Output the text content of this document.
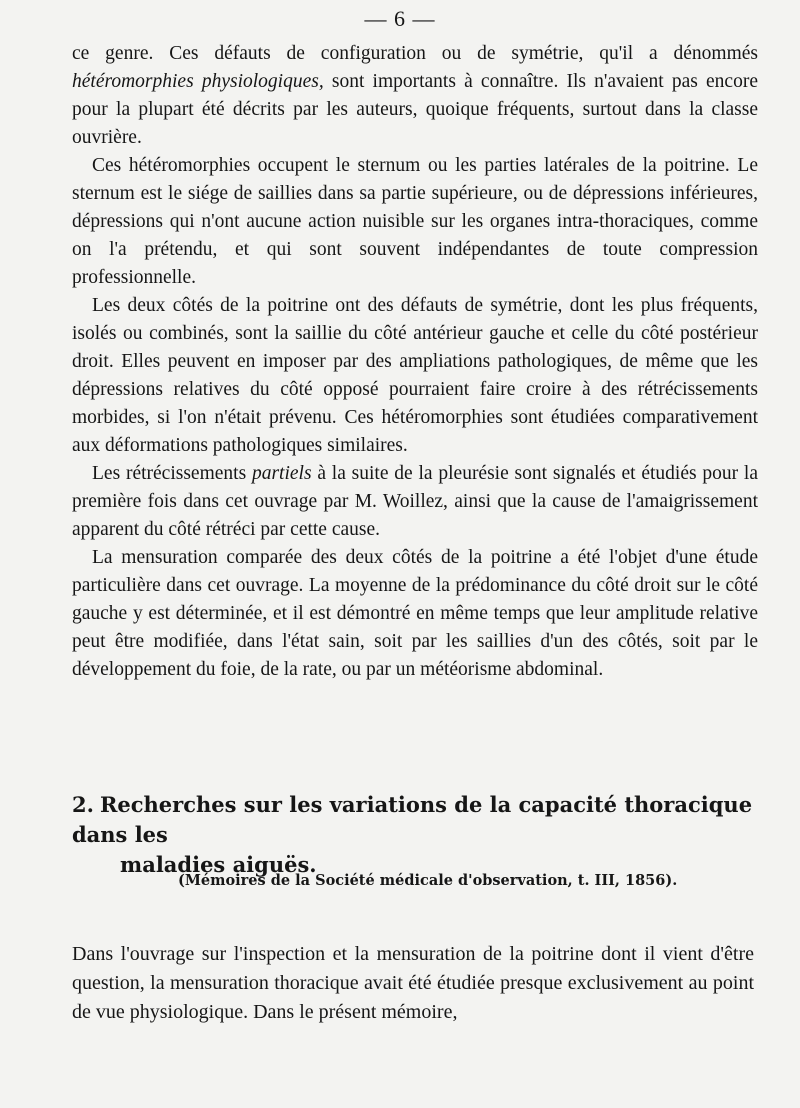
— 6 —

ce genre. Ces défauts de configuration ou de symétrie, qu'il a dénommés hétéromorphies physiologiques, sont importants à connaître. Ils n'avaient pas encore pour la plupart été décrits par les auteurs, quoique fréquents, surtout dans la classe ouvrière.

Ces hétéromorphies occupent le sternum ou les parties latérales de la poitrine. Le sternum est le siége de saillies dans sa partie supérieure, ou de dépressions inférieures, dépressions qui n'ont aucune action nuisible sur les organes intra-thoraciques, comme on l'a prétendu, et qui sont souvent indépendantes de toute compression professionnelle.

Les deux côtés de la poitrine ont des défauts de symétrie, dont les plus fréquents, isolés ou combinés, sont la saillie du côté antérieur gauche et celle du côté postérieur droit. Elles peuvent en imposer par des ampliations pathologiques, de même que les dépressions relatives du côté opposé pourraient faire croire à des rétrécissements morbides, si l'on n'était prévenu. Ces hétéromorphies sont étudiées comparativement aux déformations pathologiques similaires.

Les rétrécissements partiels à la suite de la pleurésie sont signalés et étudiés pour la première fois dans cet ouvrage par M. Woillez, ainsi que la cause de l'amaigrissement apparent du côté rétréci par cette cause.

La mensuration comparée des deux côtés de la poitrine a été l'objet d'une étude particulière dans cet ouvrage. La moyenne de la prédominance du côté droit sur le côté gauche y est déterminée, et il est démontré en même temps que leur amplitude relative peut être modifiée, dans l'état sain, soit par les saillies d'un des côtés, soit par le développement du foie, de la rate, ou par un météorisme abdominal.

2. Recherches sur les variations de la capacité thoracique dans les
maladies aiguës.
(Mémoires de la Société médicale d'observation, t. III, 1856).
Dans l'ouvrage sur l'inspection et la mensuration de la poitrine dont il vient d'être question, la mensuration thoracique avait été étudiée presque exclusivement au point de vue physiologique. Dans le présent mémoire,
